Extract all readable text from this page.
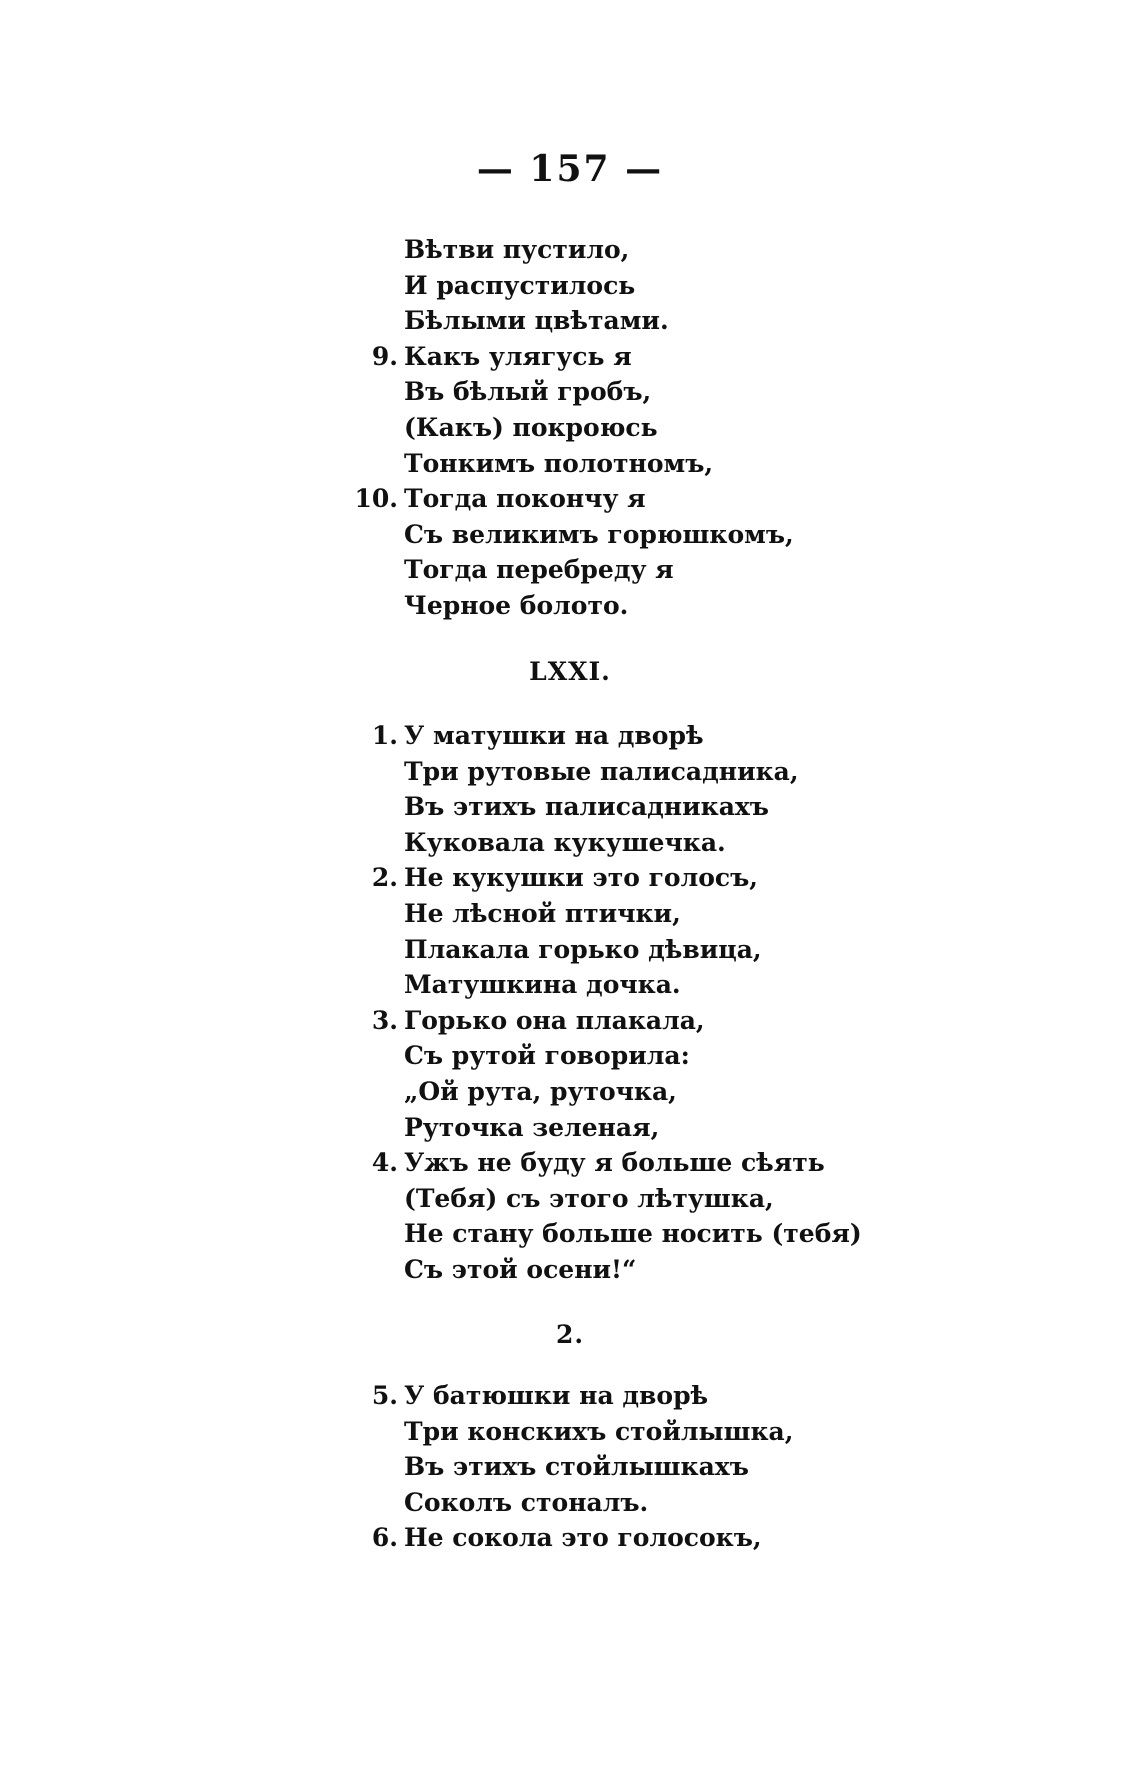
— 157 —
Вѣтви пустило,
И распустилось
Бѣлыми цвѣтами.
9. Какъ улягусь я
Въ бѣлый гробъ,
(Какъ) покроюсь
Тонкимъ полотномъ,
10. Тогда покончу я
Съ великимъ горюшкомъ,
Тогда перебреду я
Черное болото.
LXXI.
1. У матушки на дворѣ
Три рутовые палисадника,
Въ этихъ палисадникахъ
Куковала кукушечка.
2. Не кукушки это голосъ,
Не лѣсной птички,
Плакала горько дѣвица,
Матушкина дочка.
3. Горько она плакала,
Съ рутой говорила:
„Ой рута, руточка,
Руточка зеленая,
4. Ужъ не буду я больше сѣять
(Тебя) съ этого лѣтушка,
Не стану больше носить (тебя)
Съ этой осени!“
2.
5. У батюшки на дворѣ
Три конскихъ стойлышка,
Въ этихъ стойлышкахъ
Соколъ стоналъ.
6. Не сокола это голосокъ,
